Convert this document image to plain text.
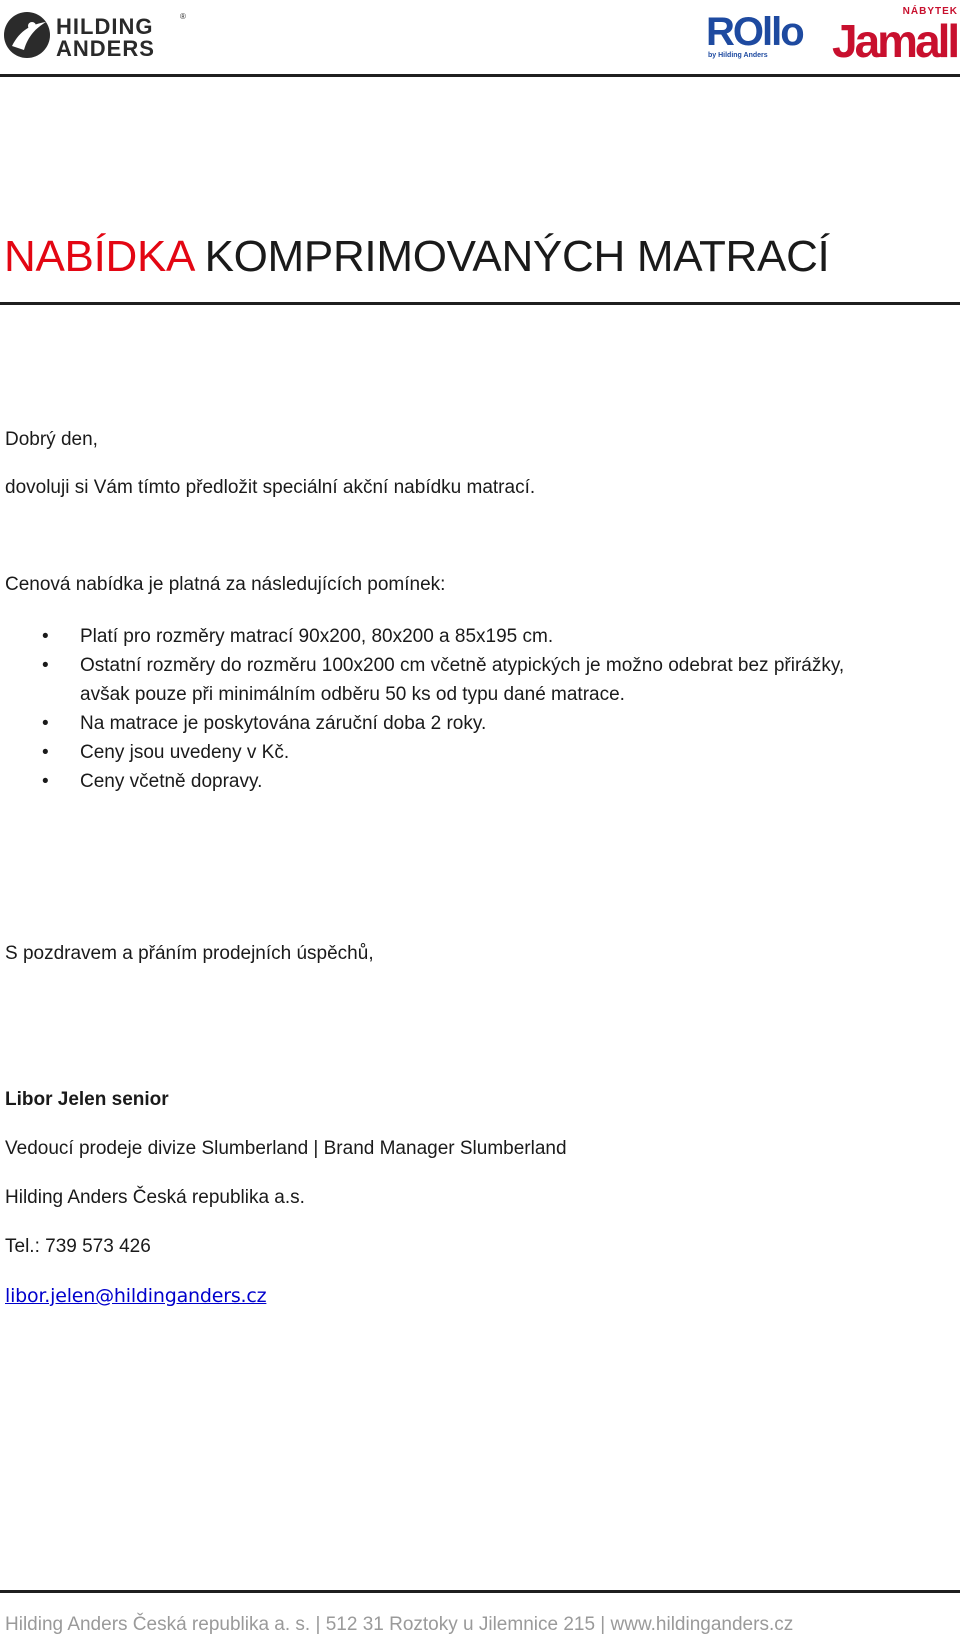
HILDING
ANDERS
®	ROllo
by Hilding Anders
NÁBYTEK
Jamall
NABÍDKA KOMPRIMOVANÝCH MATRACÍ
Dobrý den,
dovoluji si Vám tímto předložit speciální akční nabídku matrací.
Cenová nabídka je platná za následujících pomínek:
• Platí pro rozměry matrací 90x200, 80x200 a 85x195 cm.
• Ostatní rozměry do rozměru 100x200 cm včetně atypických je možno odebrat bez přirážky,
avšak pouze při minimálním odběru 50 ks od typu dané matrace.
• Na matrace je poskytována záruční doba 2 roky.
• Ceny jsou uvedeny v Kč.
• Ceny včetně dopravy.
S pozdravem a přáním prodejních úspěchů,
Libor Jelen senior
Vedoucí prodeje divize Slumberland | Brand Manager Slumberland
Hilding Anders Česká republika a.s.
Tel.: 739 573 426
libor.jelen@hildinganders.cz
Hilding Anders Česká republika a. s. | 512 31 Roztoky u Jilemnice 215 | www.hildinganders.cz
